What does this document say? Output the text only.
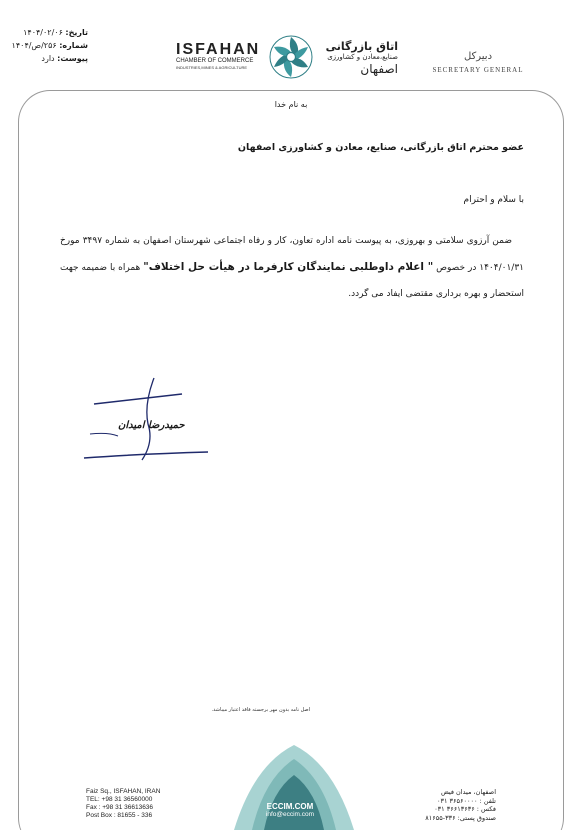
تاریخ: ۱۴۰۴/۰۲/۰۶
شماره: ۲۵۶/ص/۱۴۰۴
پیوست: دارد
ISFAHAN
CHAMBER OF COMMERCE
INDUSTRIES,MINES & AGRICULTURE
اتاق بازرگانی
صنایع،معادن و کشاورزی
اصفهان
دبیرکل
SECRETARY GENERAL
به نام خدا
عضو محترم اتاق بازرگانی، صنایع، معادن و کشاورزی اصفهان
با سلام و احترام
ضمن آرزوی سلامتی و بهروزی، به پیوست نامه اداره تعاون، کار و رفاه اجتماعی شهرستان اصفهان به شماره ۳۴۹۷ مورخ ۱۴۰۴/۰۱/۳۱ در خصوص " اعلام داوطلبی نمایندگان کارفرما در هیأت حل اختلاف" همراه با ضمیمه جهت استحضار و بهره برداری مقتضی ایفاد می گردد.
حمیدرضا امیدان
اصل نامه بدون مهر برجسته فاقد اعتبار میباشد.
ECCIM.COM
info@eccim.com
Faiz Sq., ISFAHAN, IRAN
TEL: +98 31 36560000
Fax : +98 31 36613636
Post Box : 81655 - 336
اصفهان، میدان فیض
تلفن : ۳۶۵۶۰۰۰۰ ۰۳۱
فکس : ۳۶۶۱۳۶۳۶ ۰۳۱
صندوق پستی: ۳۳۶-۸۱۶۵۵
